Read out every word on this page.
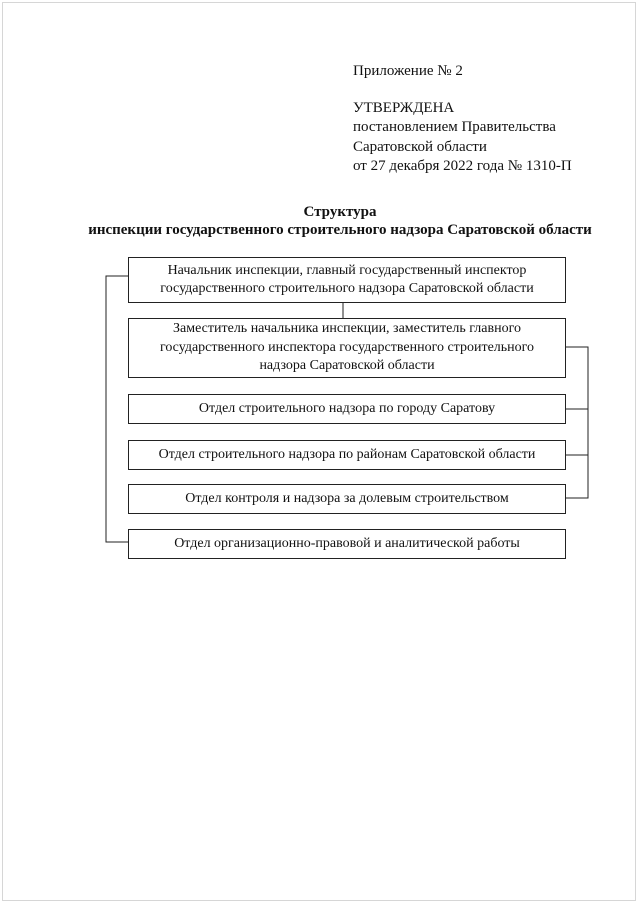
Приложение № 2
УТВЕРЖДЕНА
постановлением Правительства
Саратовской области
от 27 декабря 2022 года № 1310-П
Структура
инспекции государственного строительного надзора Саратовской области
Начальник инспекции, главный государственный инспектор
государственного строительного надзора Саратовской области
Заместитель начальника инспекции, заместитель главного
государственного инспектора государственного строительного
надзора Саратовской области
Отдел строительного надзора по городу Саратову
Отдел строительного надзора по районам Саратовской области
Отдел контроля и надзора за долевым строительством
Отдел организационно-правовой и аналитической работы
